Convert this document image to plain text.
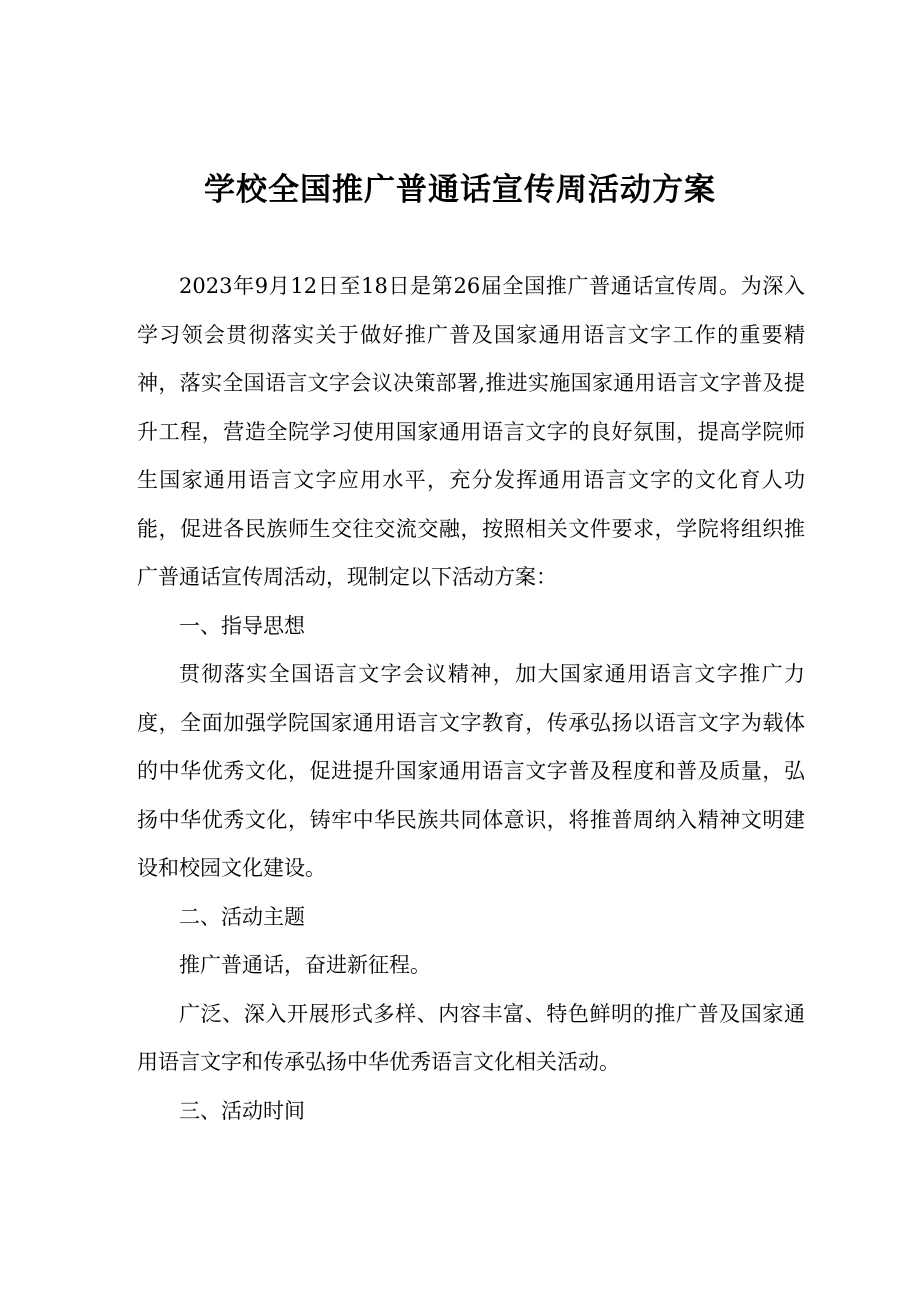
学校全国推广普通话宣传周活动方案

2023年9月12日至18日是第26届全国推广普通话宣传周。为深入学习领会贯彻落实关于做好推广普及国家通用语言文字工作的重要精神，落实全国语言文字会议决策部署,推进实施国家通用语言文字普及提升工程，营造全院学习使用国家通用语言文字的良好氛围，提高学院师生国家通用语言文字应用水平，充分发挥通用语言文字的文化育人功能，促进各民族师生交往交流交融，按照相关文件要求，学院将组织推广普通话宣传周活动，现制定以下活动方案：

一、指导思想

贯彻落实全国语言文字会议精神，加大国家通用语言文字推广力度，全面加强学院国家通用语言文字教育，传承弘扬以语言文字为载体的中华优秀文化，促进提升国家通用语言文字普及程度和普及质量，弘扬中华优秀文化，铸牢中华民族共同体意识，将推普周纳入精神文明建设和校园文化建设。

二、活动主题

推广普通话，奋进新征程。

广泛、深入开展形式多样、内容丰富、特色鲜明的推广普及国家通用语言文字和传承弘扬中华优秀语言文化相关活动。

三、活动时间
